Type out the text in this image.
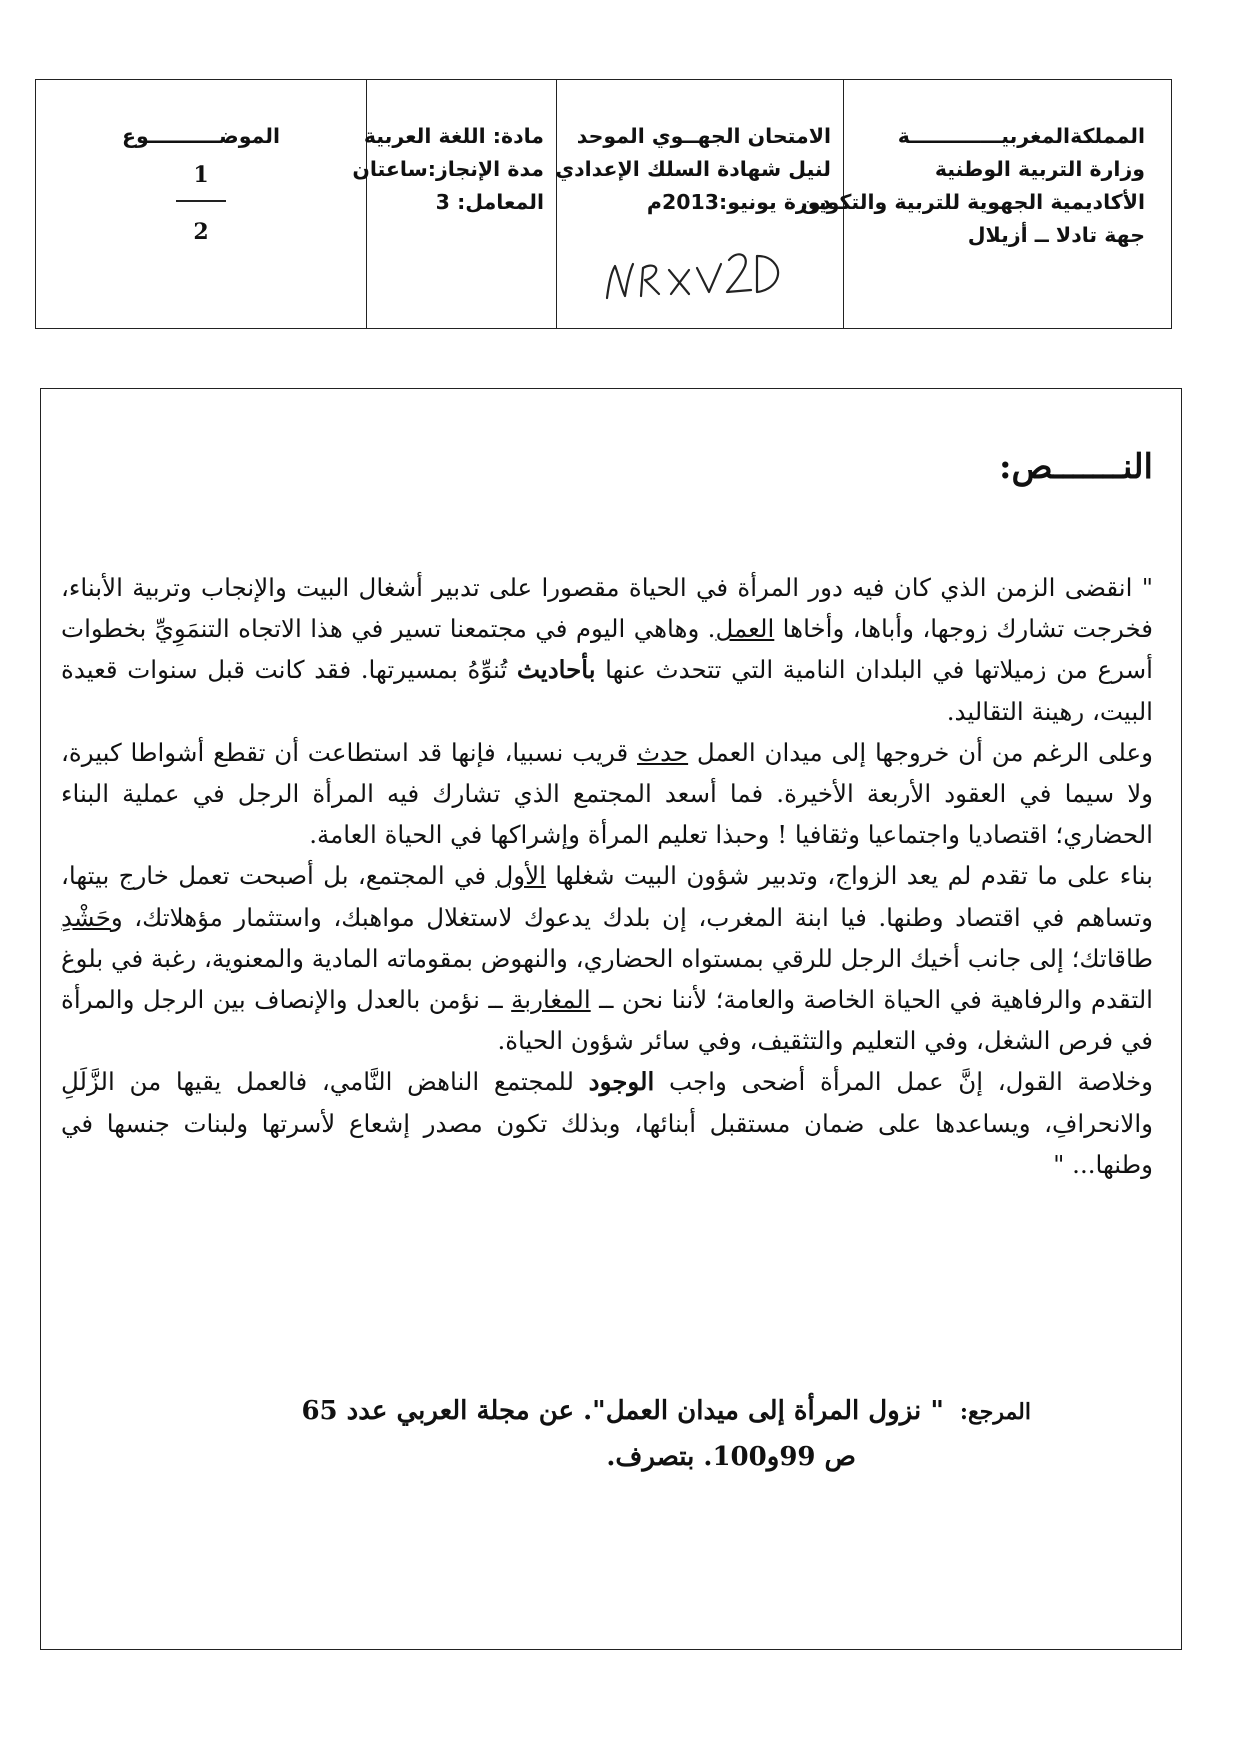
المملكةالمغربيـــــــــــــة
وزارة التربية الوطنية
الأكاديمية الجهوية للتربية والتكوين
جهة تادلا ــ أزيلال
الامتحان الجهــوي الموحد
لنيل شهادة السلك الإعدادي
دورة يونيو:2013م
مادة: اللغة العربية
مدة الإنجاز:ساعتان
المعامل: 3
الموضــــــــــوع
1
2
النـــــــص:

" انقضى الزمن الذي كان فيه دور المرأة في الحياة مقصورا على تدبير أشغال البيت والإنجاب وتربية الأبناء، فخرجت تشارك زوجها، وأباها، وأخاها العمل. وهاهي اليوم في مجتمعنا تسير في هذا الاتجاه التنمَوِيِّ بخطوات أسرع من زميلاتها في البلدان النامية التي تتحدث عنها بأحاديث تُنوِّهُ بمسيرتها. فقد كانت قبل سنوات قعيدة البيت، رهينة التقاليد.

وعلى الرغم من أن خروجها إلى ميدان العمل حدث قريب نسبيا، فإنها قد استطاعت أن تقطع أشواطا كبيرة، ولا سيما في العقود الأربعة الأخيرة. فما أسعد المجتمع الذي تشارك فيه المرأة الرجل في عملية البناء الحضاري؛ اقتصاديا واجتماعيا وثقافيا ! وحبذا تعليم المرأة وإشراكها في الحياة العامة.

بناء على ما تقدم لم يعد الزواج، وتدبير شؤون البيت شغلها الأول في المجتمع، بل أصبحت تعمل خارج بيتها، وتساهم في اقتصاد وطنها. فيا ابنة المغرب، إن بلدك يدعوك لاستغلال مواهبك، واستثمار مؤهلاتك، وحَشْدِ طاقاتك؛ إلى جانب أخيك الرجل للرقي بمستواه الحضاري، والنهوض بمقوماته المادية والمعنوية، رغبة في بلوغ التقدم والرفاهية في الحياة الخاصة والعامة؛ لأننا نحن ــ المغاربة ــ نؤمن بالعدل والإنصاف بين الرجل والمرأة في فرص الشغل، وفي التعليم والتثقيف، وفي سائر شؤون الحياة.

وخلاصة القول، إنَّ عمل المرأة أضحى واجب الوجود للمجتمع الناهض النَّامي، فالعمل يقيها من الزَّلَلِ والانحرافِ، ويساعدها على ضمان مستقبل أبنائها، وبذلك تكون مصدر إشعاع لأسرتها ولبنات جنسها في وطنها... "

المرجع:" نزول المرأة إلى ميدان العمل". عن مجلة العربي عدد 65
ص 99و100. بتصرف.
